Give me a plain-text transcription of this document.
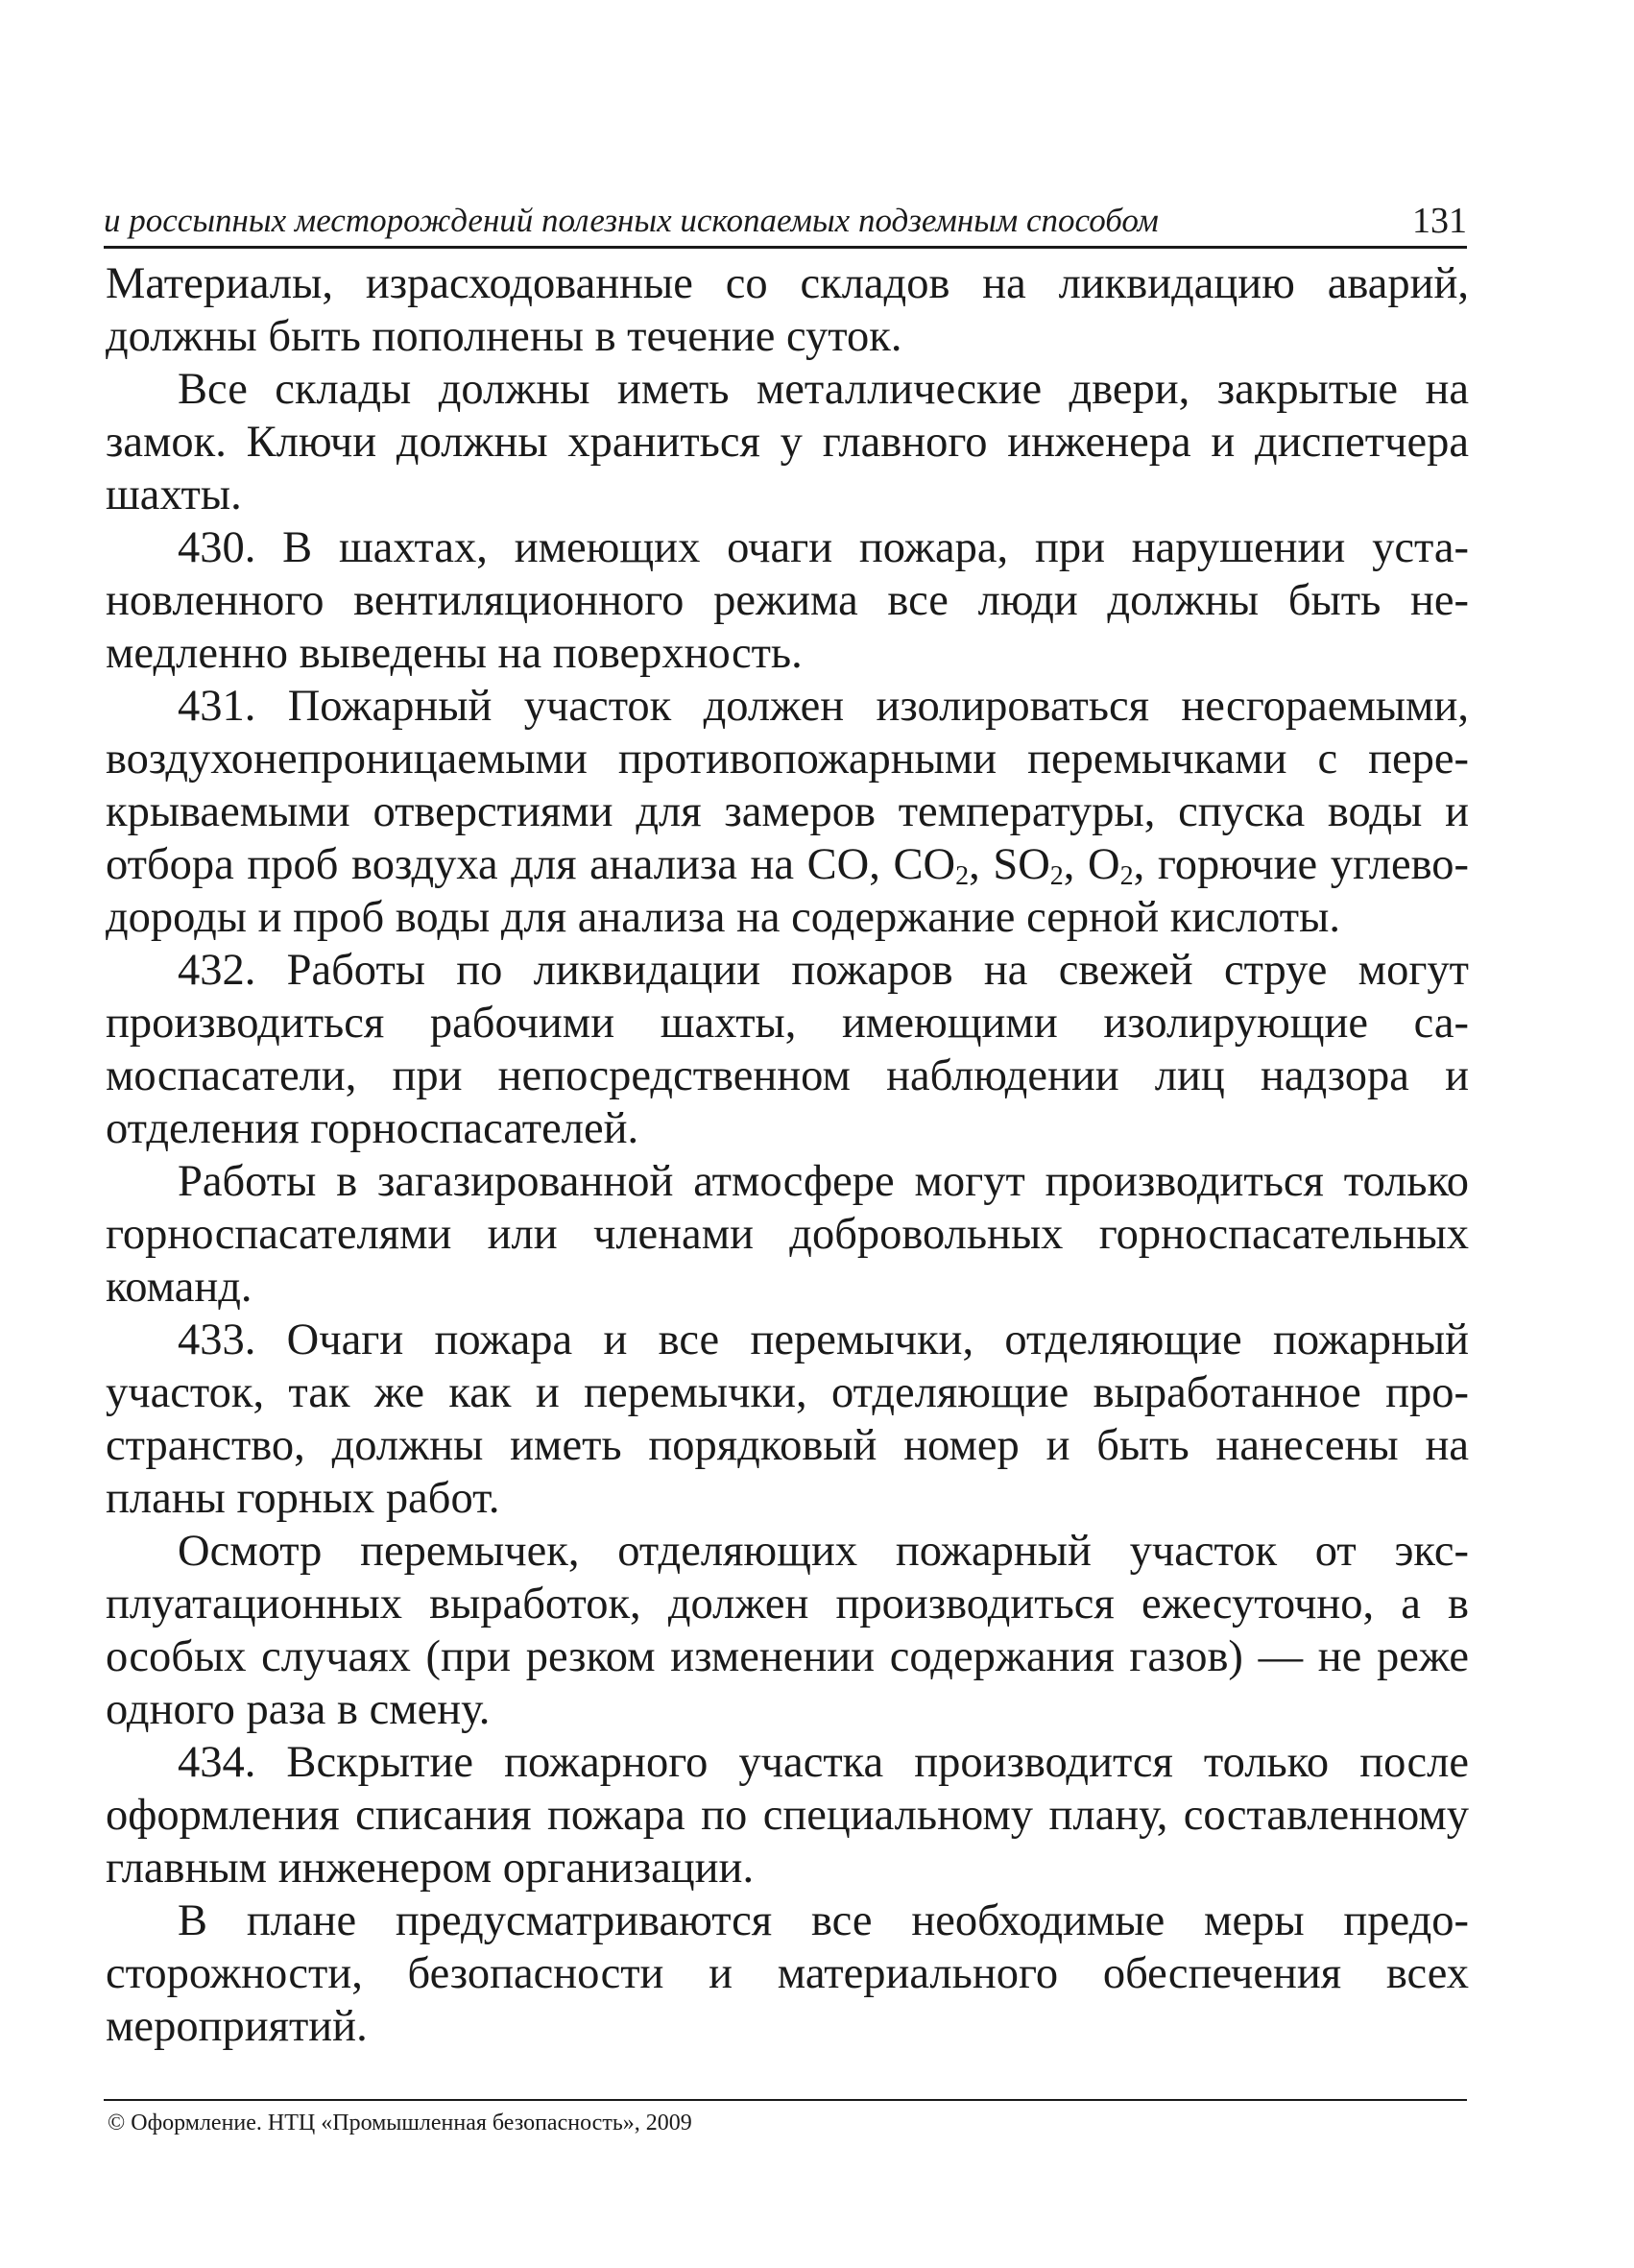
и россыпных месторождений полезных ископаемых подземным способом	131

Материалы, израсходованные со складов на ликвидацию аварий, должны быть пополнены в течение суток.

Все склады должны иметь металлические двери, закрытые на замок. Ключи должны храниться у главного инженера и диспетчера шахты.

430. В шахтах, имеющих очаги пожара, при нарушении установленного вентиляционного режима все люди должны быть немедленно выведены на поверхность.

431. Пожарный участок должен изолироваться несгораемыми, воздухонепроницаемыми противопожарными перемычками с перекрываемыми отверстиями для замеров температуры, спуска воды и отбора проб воздуха для анализа на СО, $СО_2$, $SO_2$, $О_2$, горючие углеводороды и проб воды для анализа на содержание серной кислоты.

432. Работы по ликвидации пожаров на свежей струе могут производиться рабочими шахты, имеющими изолирующие самоспасатели, при непосредственном наблюдении лиц надзора и отделения горноспасателей.

Работы в загазированной атмосфере могут производиться только горноспасателями или членами добровольных горноспасательных команд.

433. Очаги пожара и все перемычки, отделяющие пожарный участок, так же как и перемычки, отделяющие выработанное пространство, должны иметь порядковый номер и быть нанесены на планы горных работ.

Осмотр перемычек, отделяющих пожарный участок от эксплуатационных выработок, должен производиться ежесуточно, а в особых случаях (при резком изменении содержания газов) — не реже одного раза в смену.

434. Вскрытие пожарного участка производится только после оформления списания пожара по специальному плану, составленному главным инженером организации.

В плане предусматриваются все необходимые меры предосторожности, безопасности и материального обеспечения всех мероприятий.

© Оформление. НТЦ «Промышленная безопасность», 2009
